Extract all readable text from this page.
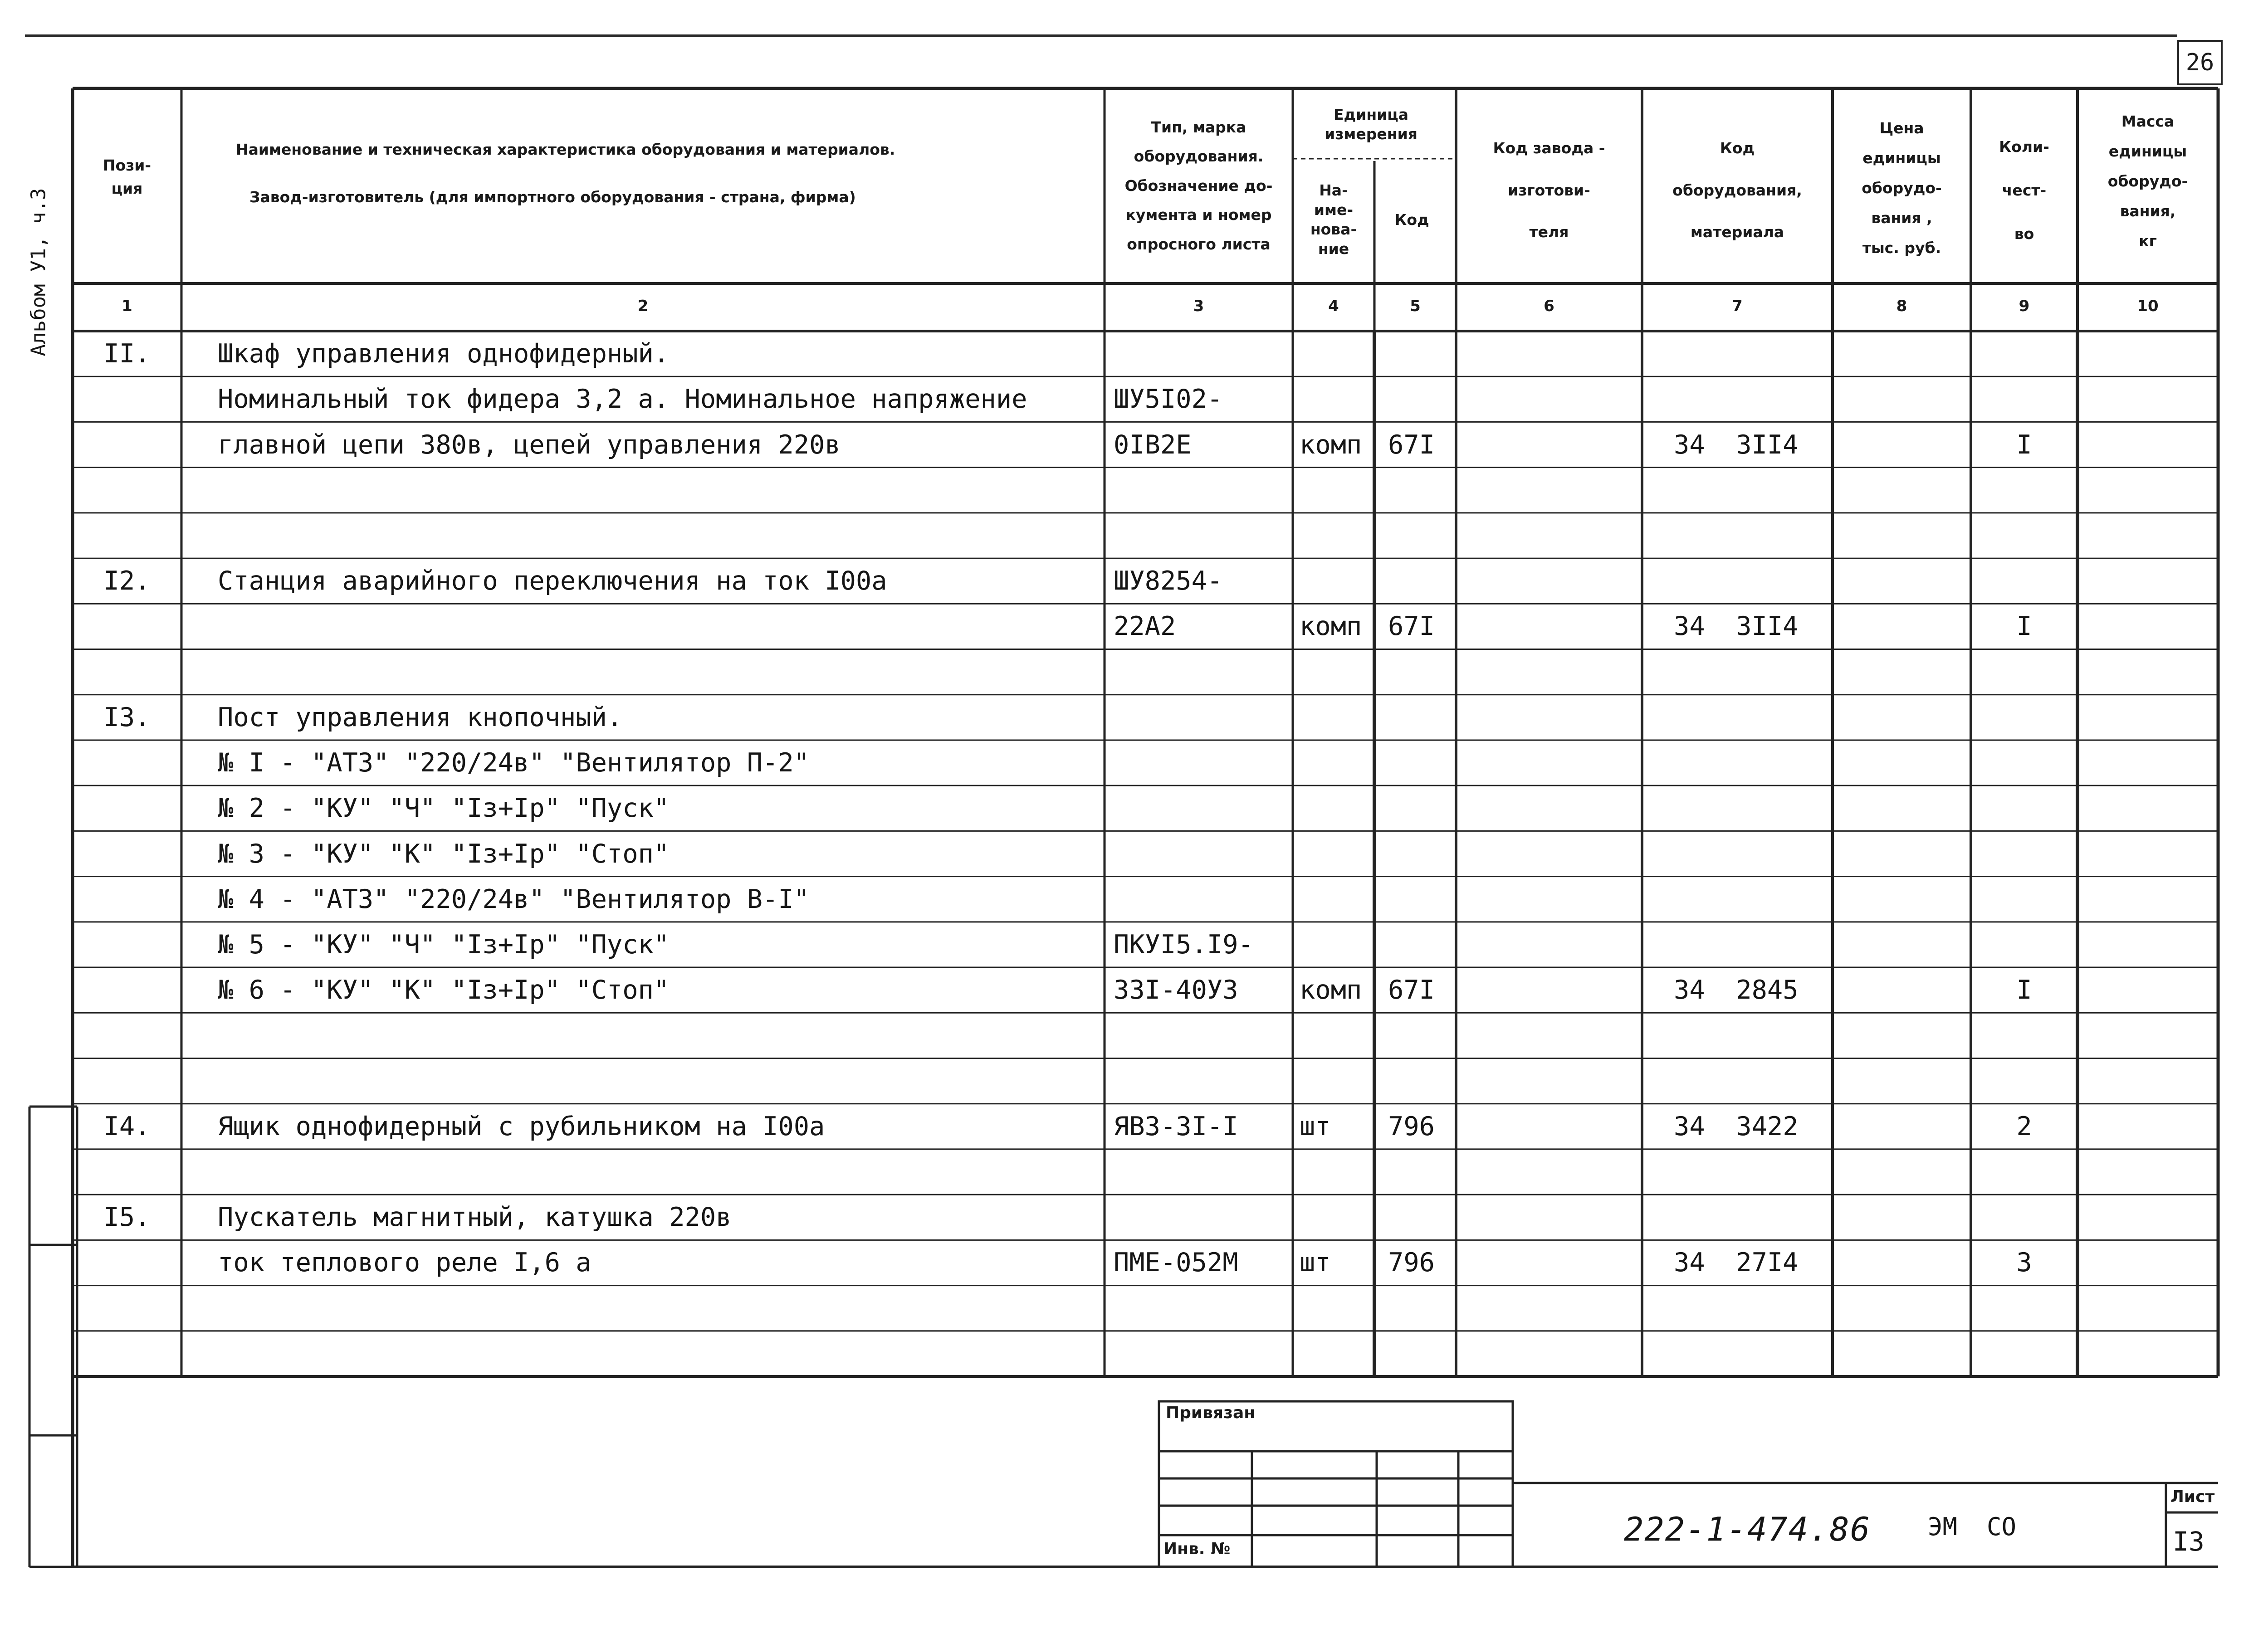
26
Альбом У1, ч.3
Пози-
ция
Наименование и техническая характеристика оборудования и материалов.
Завод-изготовитель (для импортного оборудования - страна, фирма)
Тип, марка
оборудования.
Обозначение до-
кумента и номер
опросного листа
Единица
измерения
На-
име-
нова-
ние
Код
Код завода -
изготови-
теля
Код
оборудования,
материала
Цена
единицы
оборудо-
вания ,
тыс. руб.
Коли-
чест-
во
Масса
единицы
оборудо-
вания,
кг
1	2	3	4	5	6	7	8	9	10
II.	Шкаф управления однофидерный.
Номинальный ток фидера 3,2 а. Номинальное напряжение	ШУ5I02-
главной цепи 380в, цепей управления 220в	0IВ2Е	комп 67I	34  3II4	I
I2.	Станция аварийного переключения на ток I00а	ШУ8254-
22А2	комп 67I	34  3II4	I
I3.	Пост управления кнопочный.
№ I - "АТЗ" "220/24в" "Вентилятор П-2"
№ 2 - "КУ" "Ч" "Iз+Iр" "Пуск"
№ 3 - "КУ" "К" "Iз+Iр" "Стоп"
№ 4 - "АТЗ" "220/24в" "Вентилятор В-I"
№ 5 - "КУ" "Ч" "Iз+Iр" "Пуск"	ПКУI5.I9-
№ 6 - "КУ" "К" "Iз+Iр" "Стоп"	33I-40У3 комп 67I	34  2845	I
I4.	Ящик однофидерный с рубильником на I00а	ЯВЗ-3I-I шт 796	34  3422	2
I5.	Пускатель магнитный, катушка 220в
ток теплового реле I,6 а	ПМЕ-052М шт 796	34  27I4	3
Привязан
Инв. №
222-1-474.86 ЭМ  СО
Лист
I3
